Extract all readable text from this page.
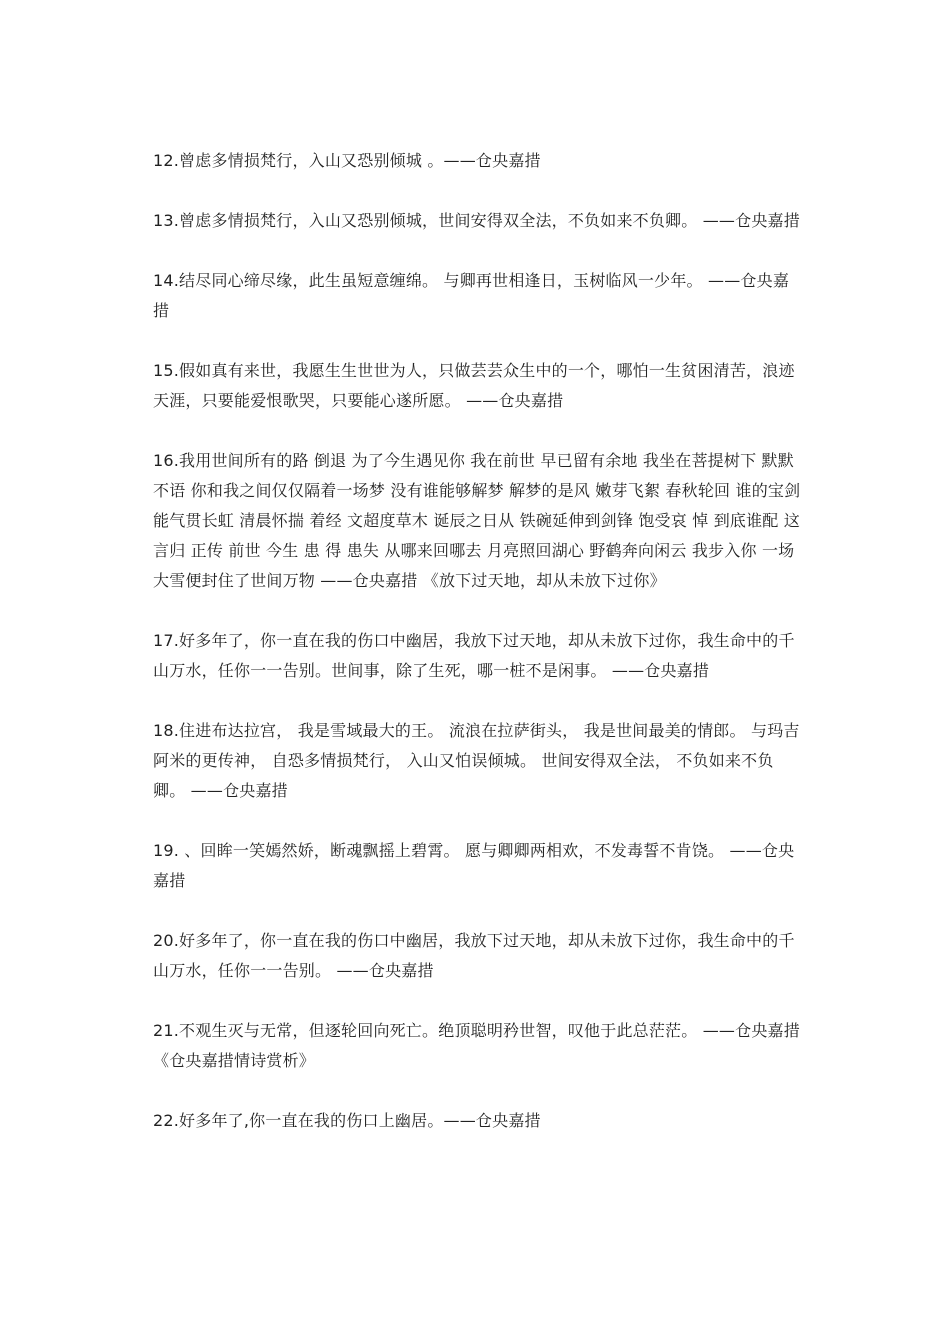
12.曾虑多情损梵行，入山又恐别倾城 。——仓央嘉措

13.曾虑多情损梵行，入山又恐别倾城，世间安得双全法，不负如来不负卿。 ——仓央嘉措

14.结尽同心缔尽缘，此生虽短意缠绵。 与卿再世相逢日，玉树临风一少年。 ——仓央嘉措

15.假如真有来世，我愿生生世世为人，只做芸芸众生中的一个，哪怕一生贫困清苦，浪迹天涯，只要能爱恨歌哭，只要能心遂所愿。 ——仓央嘉措

16.我用世间所有的路 倒退 为了今生遇见你 我在前世 早已留有余地 我坐在菩提树下 默默不语 你和我之间仅仅隔着一场梦 没有谁能够解梦 解梦的是风 嫩芽飞絮 春秋轮回 谁的宝剑能气贯长虹 清晨怀揣 着经 文超度草木 诞辰之日从 铁碗延伸到剑锋 饱受哀 悼 到底谁配 这言归 正传 前世 今生 患 得 患失 从哪来回哪去 月亮照回湖心 野鹤奔向闲云 我步入你 一场大雪便封住了世间万物 ——仓央嘉措 《放下过天地，却从未放下过你》

17.好多年了，你一直在我的伤口中幽居，我放下过天地，却从未放下过你，我生命中的千山万水，任你一一告别。世间事，除了生死，哪一桩不是闲事。 ——仓央嘉措

18.住进布达拉宫， 我是雪域最大的王。 流浪在拉萨街头， 我是世间最美的情郎。 与玛吉阿米的更传神， 自恐多情损梵行， 入山又怕误倾城。 世间安得双全法， 不负如来不负卿。 ——仓央嘉措

19. 、回眸一笑嫣然娇，断魂飘摇上碧霄。 愿与卿卿两相欢，不发毒誓不肯饶。 ——仓央嘉措

20.好多年了，你一直在我的伤口中幽居，我放下过天地，却从未放下过你，我生命中的千山万水，任你一一告别。 ——仓央嘉措

21.不观生灭与无常，但逐轮回向死亡。绝顶聪明矜世智，叹他于此总茫茫。 ——仓央嘉措 《仓央嘉措情诗赏析》

22.好多年了,你一直在我的伤口上幽居。——仓央嘉措
